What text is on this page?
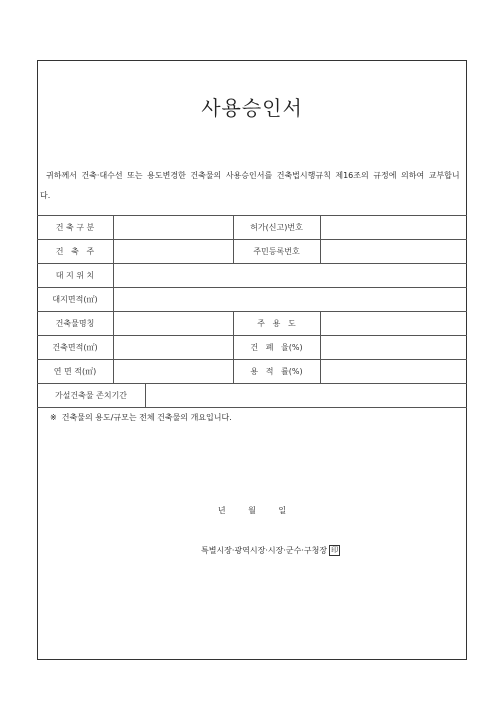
사용승인서
귀하께서 건축·대수선 또는 용도변경한 건축물의 사용승인서를 건축법시행규칙 제16조의 규정에 의하여 교부합니다.
건 축 구 분	허가(신고)번호
건   축   주	주민등록번호
대 지 위 치
대지면적(㎡)
건축물명칭	주   용   도
건축면적(㎡)	건   폐   율(%)
연 면 적(㎡)	용   적   률(%)
가설건축물 존치기간
※  건축물의 용도/규모는 전체 건축물의 개요입니다.
년	월	일
특별시장·광역시장·시장·군수·구청장 印
